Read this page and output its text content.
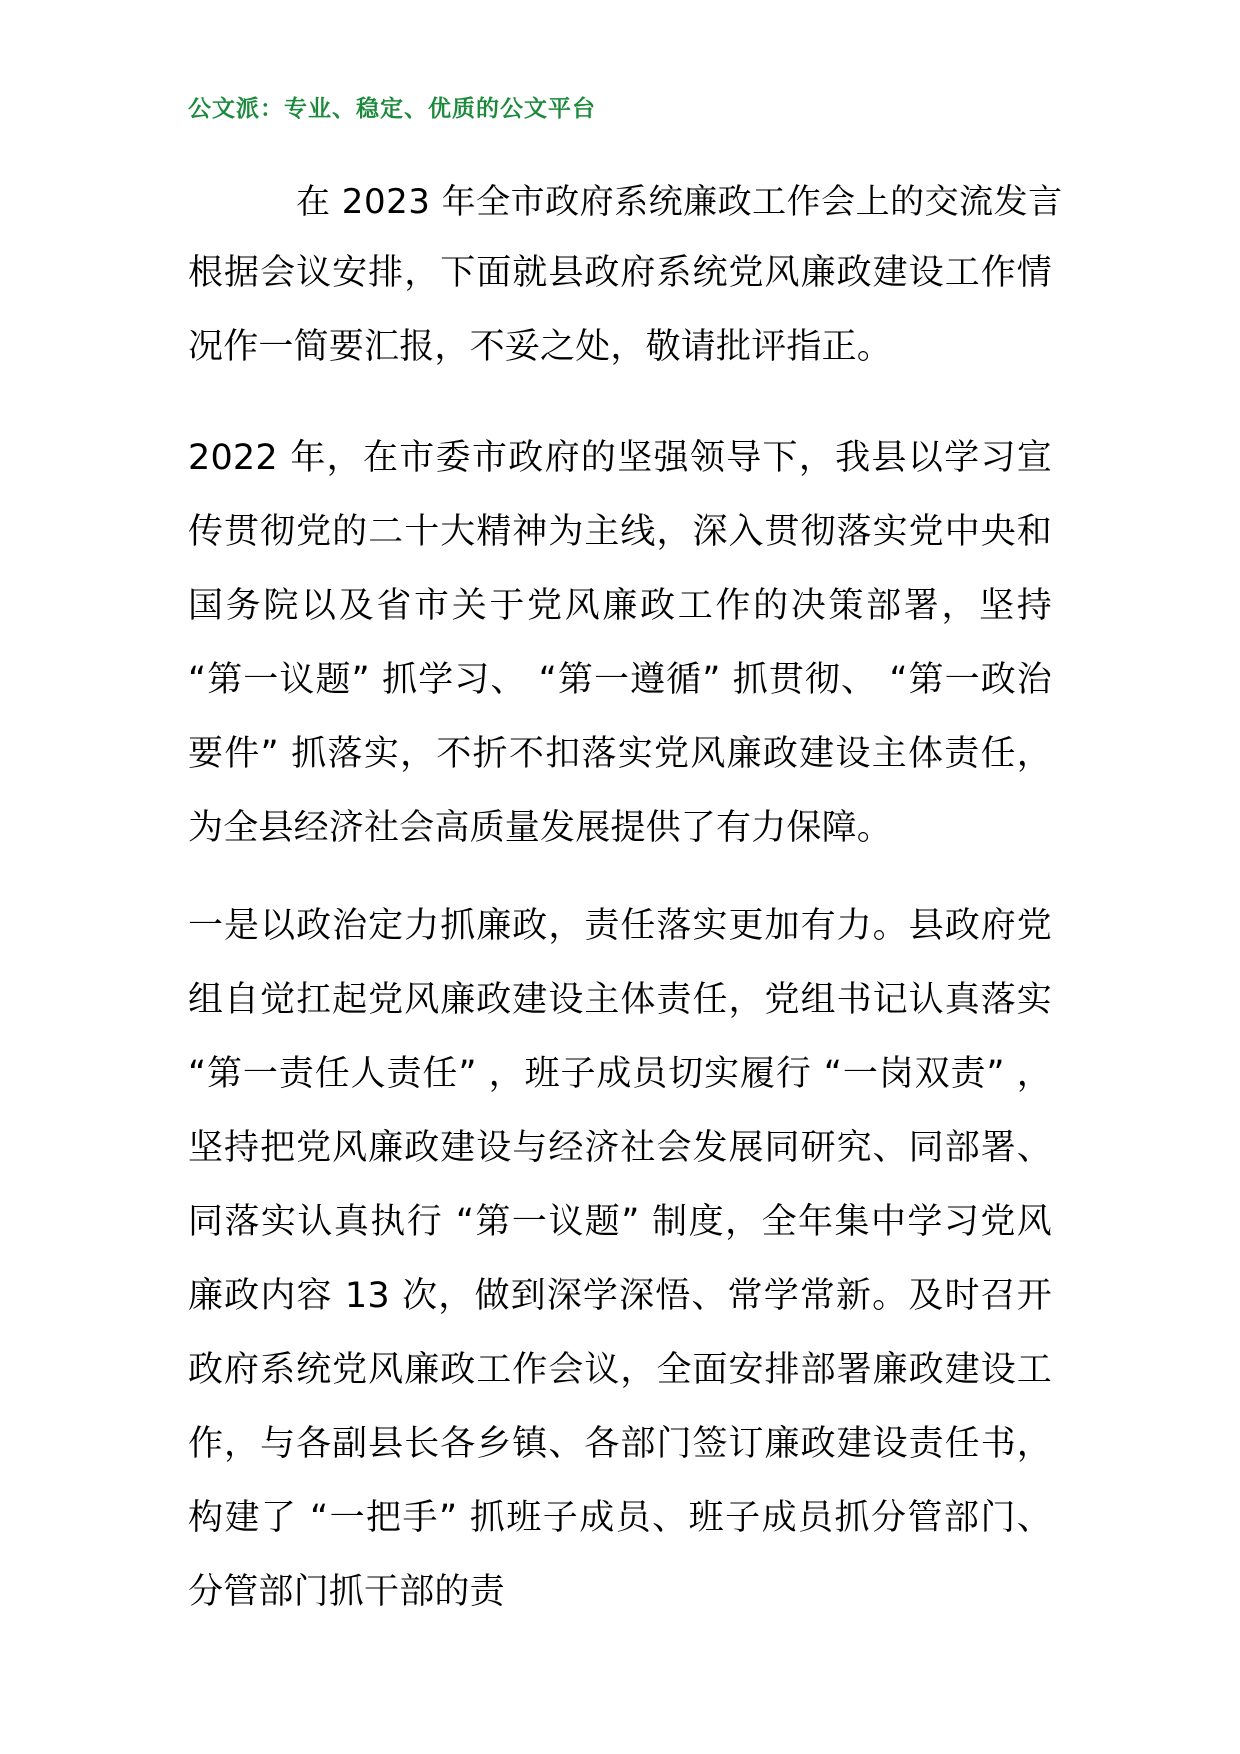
公文派：专业、稳定、优质的公文平台
在 2023 年全市政府系统廉政工作会上的交流发言
根据会议安排，下面就县政府系统党风廉政建设工作情况作一简要汇报，不妥之处，敬请批评指正。
2022 年，在市委市政府的坚强领导下，我县以学习宣传贯彻党的二十大精神为主线，深入贯彻落实党中央和国务院以及省市关于党风廉政工作的决策部署，坚持 “第一议题” 抓学习、 “第一遵循” 抓贯彻、 “第一政治要件” 抓落实，不折不扣落实党风廉政建设主体责任，为全县经济社会高质量发展提供了有力保障。
一是以政治定力抓廉政，责任落实更加有力。县政府党组自觉扛起党风廉政建设主体责任，党组书记认真落实 “第一责任人责任” ，班子成员切实履行 “一岗双责” ，坚持把党风廉政建设与经济社会发展同研究、同部署、同落实认真执行 “第一议题” 制度，全年集中学习党风廉政内容 13 次，做到深学深悟、常学常新。及时召开政府系统党风廉政工作会议，全面安排部署廉政建设工作，与各副县长各乡镇、各部门签订廉政建设责任书，构建了 “一把手” 抓班子成员、班子成员抓分管部门、分管部门抓干部的责
